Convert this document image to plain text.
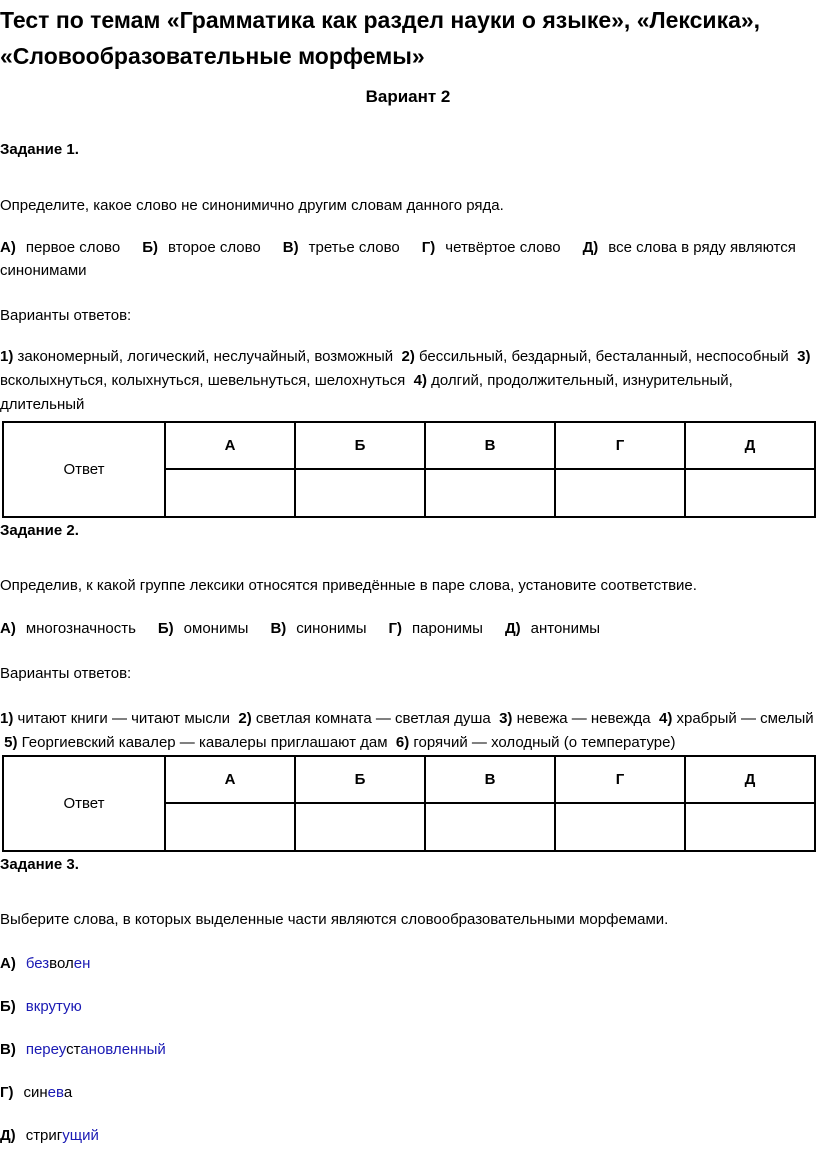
Тест по темам «Грамматика как раздел науки о языке», «Лексика», «Словообразовательные морфемы»
Вариант 2
Задание 1.
Определите, какое слово не синонимично другим словам данного ряда.
А) первое слово Б) второе слово В) третье слово Г) четвёртое слово Д) все слова в ряду являются
синонимами
Варианты ответов:
1) закономерный, логический, неслучайный, возможный  2) бессильный, бездарный, бесталанный, неспособный  3) всколыхнуться, колыхнуться, шевельнуться, шелохнуться  4) долгий, продолжительный, изнурительный, длительный
Ответ	А	Б	В	Г	Д

Задание 2.
Определив, к какой группе лексики относятся приведённые в паре слова, установите соответствие.
А) многозначность Б) омонимы В) синонимы Г) паронимы Д) антонимы
Варианты ответов:
1) читают книги — читают мысли  2) светлая комната — светлая душа  3) невежа — невежда  4) храбрый — смелый  5) Георгиевский кавалер — кавалеры приглашают дам  6) горячий — холодный (о температуре)
Ответ	А	Б	В	Г	Д

Задание 3.
Выберите слова, в которых выделенные части являются словообразовательными морфемами.
А) безволен
Б) вкрутую
В) переустановленный
Г) синева
Д) стригущий
